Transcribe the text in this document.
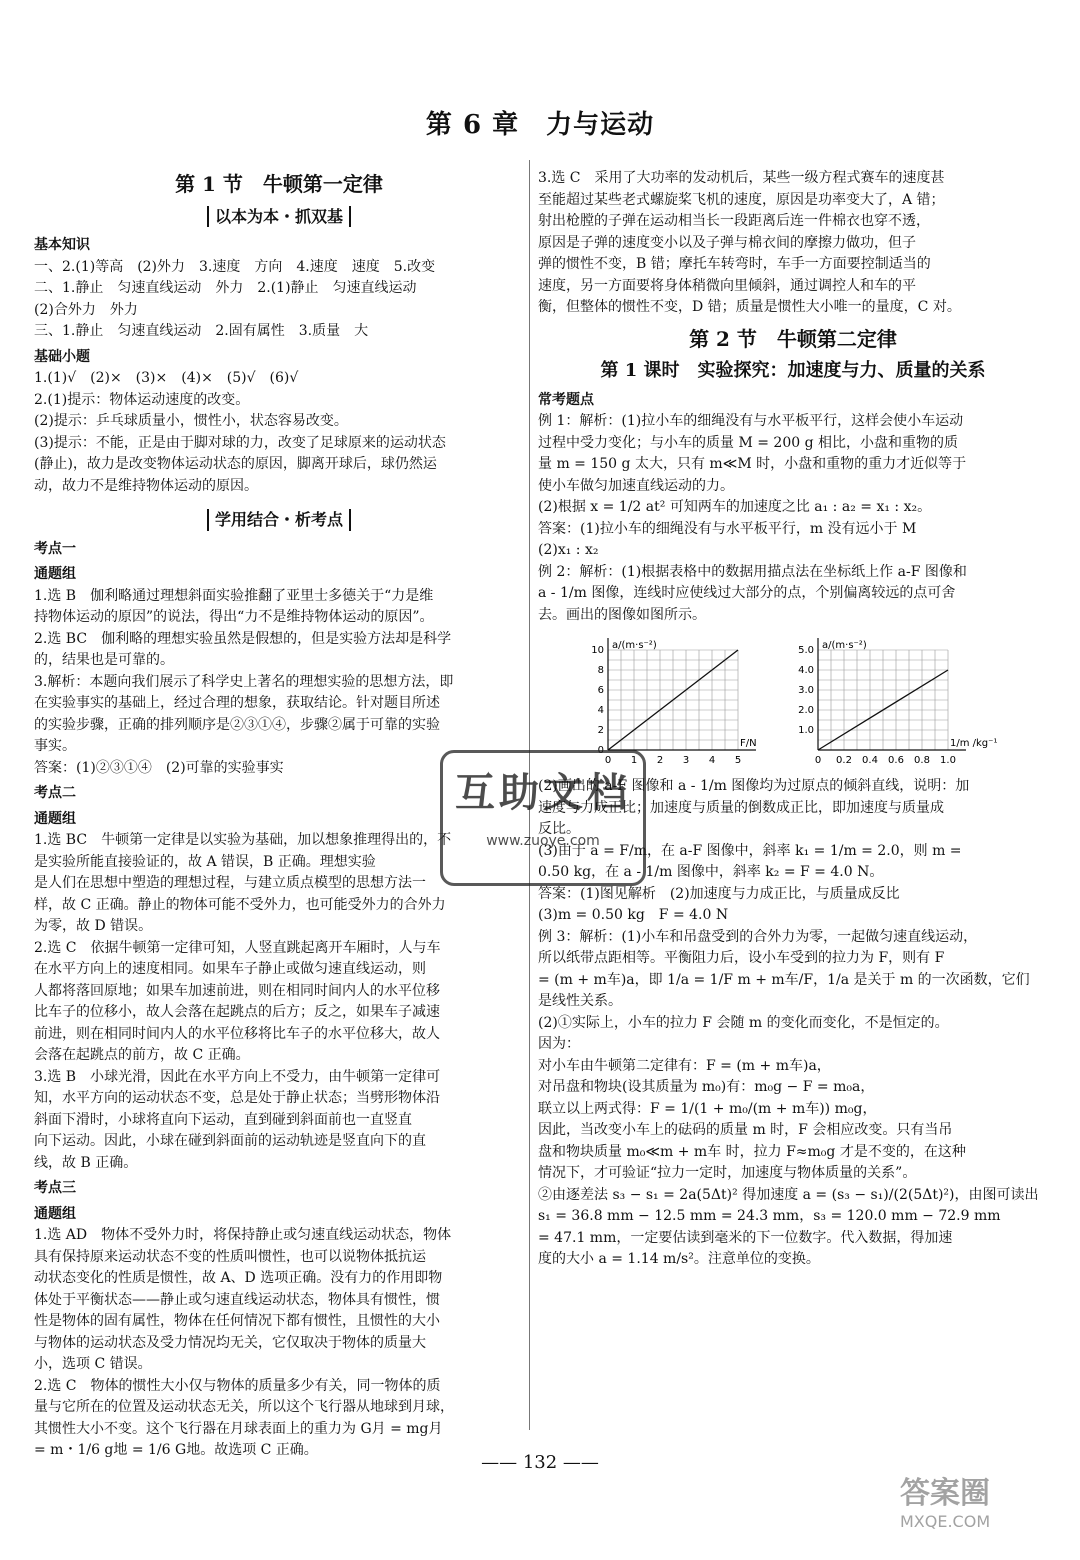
第 6 章　力与运动
第 1 节　牛顿第一定律
以本为本・抓双基
基本知识
一、2.(1)等高　(2)外力　3.速度　方向　4.速度　速度　5.改变
二、1.静止　匀速直线运动　外力　2.(1)静止　匀速直线运动
(2)合外力　外力
三、1.静止　匀速直线运动　2.固有属性　3.质量　大
基础小题
1.(1)√　(2)×　(3)×　(4)×　(5)√　(6)√
2.(1)提示：物体运动速度的改变。
(2)提示：乒乓球质量小，惯性小，状态容易改变。
(3)提示：不能，正是由于脚对球的力，改变了足球原来的运动状态
(静止)，故力是改变物体运动状态的原因，脚离开球后，球仍然运
动，故力不是维持物体运动的原因。
学用结合・析考点
考点一
通题组
1.选 B　伽利略通过理想斜面实验推翻了亚里士多德关于“力是维
持物体运动的原因”的说法，得出“力不是维持物体运动的原因”。
2.选 BC　伽利略的理想实验虽然是假想的，但是实验方法却是科学
的，结果也是可靠的。
3.解析：本题向我们展示了科学史上著名的理想实验的思想方法，即
在实验事实的基础上，经过合理的想象，获取结论。针对题目所述
的实验步骤，正确的排列顺序是②③①④，步骤②属于可靠的实验
事实。
答案：(1)②③①④　(2)可靠的实验事实
考点二
通题组
1.选 BC　牛顿第一定律是以实验为基础，加以想象推理得出的，不
是实验所能直接验证的，故 A 错误，B 正确。理想实验
是人们在思想中塑造的理想过程，与建立质点模型的思想方法一
样，故 C 正确。静止的物体可能不受外力，也可能受外力的合外力
为零，故 D 错误。
2.选 C　依据牛顿第一定律可知，人竖直跳起离开车厢时，人与车
在水平方向上的速度相同。如果车子静止或做匀速直线运动，则
人都将落回原地；如果车加速前进，则在相同时间内人的水平位移
比车子的位移小，故人会落在起跳点的后方；反之，如果车子减速
前进，则在相同时间内人的水平位移将比车子的水平位移大，故人
会落在起跳点的前方，故 C 正确。
3.选 B　小球光滑，因此在水平方向上不受力，由牛顿第一定律可
知，水平方向的运动状态不变，总是处于静止状态；当劈形物体沿
斜面下滑时，小球将直向下运动，直到碰到斜面前也一直竖直
向下运动。因此，小球在碰到斜面前的运动轨迹是竖直向下的直
线，故 B 正确。
考点三
通题组
1.选 AD　物体不受外力时，将保持静止或匀速直线运动状态，物体
具有保持原来运动状态不变的性质叫惯性，也可以说物体抵抗运
动状态变化的性质是惯性，故 A、D 选项正确。没有力的作用即物
体处于平衡状态——静止或匀速直线运动状态，物体具有惯性，惯
性是物体的固有属性，物体在任何情况下都有惯性，且惯性的大小
与物体的运动状态及受力情况均无关，它仅取决于物体的质量大
小，选项 C 错误。
2.选 C　物体的惯性大小仅与物体的质量多少有关，同一物体的质
量与它所在的位置及运动状态无关，所以这个飞行器从地球到月球，
其惯性大小不变。这个飞行器在月球表面上的重力为 G月 = mg月
= m・1/6 g地 = 1/6 G地。故选项 C 正确。
3.选 C　采用了大功率的发动机后，某些一级方程式赛车的速度甚
至能超过某些老式螺旋桨飞机的速度，原因是功率变大了，A 错；
射出枪膛的子弹在运动相当长一段距离后连一件棉衣也穿不透，
原因是子弹的速度变小以及子弹与棉衣间的摩擦力做功，但子
弹的惯性不变，B 错；摩托车转弯时，车手一方面要控制适当的
速度，另一方面要将身体稍微向里倾斜，通过调控人和车的平
衡，但整体的惯性不变，D 错；质量是惯性大小唯一的量度，C 对。
第 2 节　牛顿第二定律
第 1 课时　实验探究：加速度与力、质量的关系
常考题点
例 1：解析：(1)拉小车的细绳没有与水平板平行，这样会使小车运动
过程中受力变化；与小车的质量 M = 200 g 相比，小盘和重物的质
量 m = 150 g 太大，只有 m≪M 时，小盘和重物的重力才近似等于
使小车做匀加速直线运动的力。
(2)根据 x = 1/2 at² 可知两车的加速度之比 a₁ : a₂ = x₁ : x₂。
答案：(1)拉小车的细绳没有与水平板平行，m 没有远小于 M
(2)x₁ : x₂
例 2：解析：(1)根据表格中的数据用描点法在坐标纸上作 a-F 图像和
a - 1/m 图像，连线时应使线过大部分的点，个别偏离较远的点可舍
去。画出的图像如图所示。
0 1 2 3 4 5
0
2
4
6
8
10 a/(m·s⁻²)
F/N
0 0.2 0.4 0.6 0.8 1.0
1.0
2.0
3.0
4.0
5.0 a/(m·s⁻²)
1/m /kg⁻¹
(2)画出的 a-F 图像和 a - 1/m 图像均为过原点的倾斜直线，说明：加
速度与力成正比；加速度与质量的倒数成正比，即加速度与质量成
反比。
(3)由于 a = F/m，在 a-F 图像中，斜率 k₁ = 1/m = 2.0，则 m =
0.50 kg，在 a - 1/m 图像中，斜率 k₂ = F = 4.0 N。
答案：(1)图见解析　(2)加速度与力成正比，与质量成反比
(3)m = 0.50 kg　F = 4.0 N
例 3：解析：(1)小车和吊盘受到的合外力为零，一起做匀速直线运动，
所以纸带点距相等。平衡阻力后，设小车受到的拉力为 F，则有 F
= (m + m车)a，即 1/a = 1/F m + m车/F，1/a 是关于 m 的一次函数，它们
是线性关系。
(2)①实际上，小车的拉力 F 会随 m 的变化而变化，不是恒定的。
因为：
对小车由牛顿第二定律有：F = (m + m车)a，
对吊盘和物块(设其质量为 m₀)有：m₀g − F = m₀a，
联立以上两式得：F = 1/(1 + m₀/(m + m车)) m₀g，
因此，当改变小车上的砝码的质量 m 时，F 会相应改变。只有当吊
盘和物块质量 m₀≪m + m车 时，拉力 F≈m₀g 才是不变的，在这种
情况下，才可验证“拉力一定时，加速度与物体质量的关系”。
②由逐差法 s₃ − s₁ = 2a(5Δt)² 得加速度 a = (s₃ − s₁)/(2(5Δt)²)，由图可读出
s₁ = 36.8 mm − 12.5 mm = 24.3 mm，s₃ = 120.0 mm − 72.9 mm
= 47.1 mm，一定要估读到毫米的下一位数字。代入数据，得加速
度的大小 a = 1.14 m/s²。注意单位的变换。
—— 132 ——
互助文档
www.zuoye.com
答案圈
MXQE.COM
